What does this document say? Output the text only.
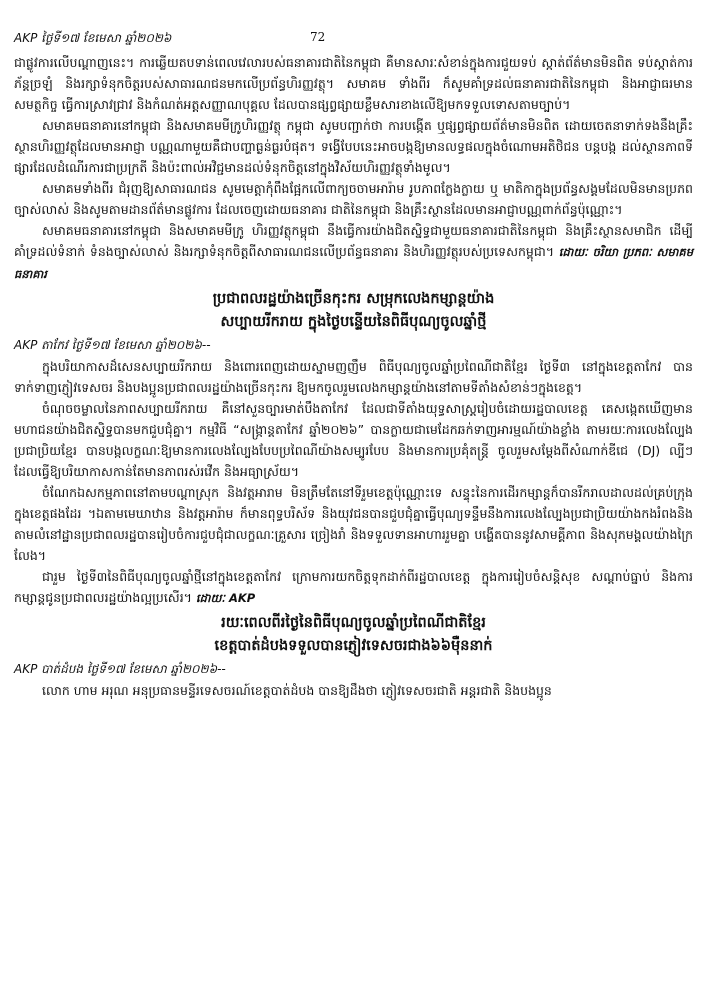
AKP ថ្ងៃទី១៧ ខែមេសា ឆ្នាំ២០២៦	72

ជាផ្លូវការលើបណ្ដាញនេះ។ ការឆ្លើយតបទាន់ពេលវេលារបស់ធនាគារជាតិនៃកម្ពុជា គឺមានសារៈសំខាន់ក្នុងការជួយទប់ ស្កាត់ព័ត៌មានមិនពិត ទប់ស្កាត់ការភ័ន្ដច្រឡំ និងរក្សាទំនុកចិត្តរបស់សាធារណជនមកលើប្រព័ន្ធហិរញ្ញវត្ថុ។ សមាគម ទាំងពីរ ក៏សូមគាំទ្រដល់ធនាគារជាតិនៃកម្ពុជា និងអាជ្ញាធរមានសមត្ថកិច្ច ធ្វើការស្រាវជ្រាវ និងកំណត់អត្តសញ្ញាណបុគ្គល ដែលបានផ្សព្វផ្សាយខ្លឹមសារខាងលើឱ្យមកទទួលទោសតាមច្បាប់។

សមាគមធនាគារនៅកម្ពុជា និងសមាគមមីក្រូហិរញ្ញវត្ថុ កម្ពុជា សូមបញ្ជាក់ថា ការបង្កើត ឬផ្សព្វផ្សាយព័ត៌មានមិនពិត ដោយចេតនាទាក់ទងនឹងគ្រឹះស្ថានហិរញ្ញវត្ថុដែលមានអាជ្ញា បណ្ណណាមួយគឺជាបញ្ហាធ្ងន់ធ្ងរបំផុត។ ទង្វើបែបនេះអាចបង្កឱ្យមានលទ្ធផលក្នុងចំណោមអតិថិជន បន្តបង្ក ដល់ស្ថានភាពទីផ្សារដែលដំណើរការជាប្រក្រតី និងប៉ះពាល់អវិជ្ជមានដល់ទំនុកចិត្តនៅក្នុងវិស័យហិរញ្ញវត្ថុទាំងមូល។

សមាគមទាំងពីរ ជំរុញឱ្យសាធារណជន សូមមេត្តាកុំពឹងផ្អែកលើពាក្យចចាមអារ៉ាម រូបភាពក្លែងក្លាយ ឬ មាតិកាក្នុងប្រព័ន្ធសង្គមដែលមិនមានប្រភពច្បាស់លាស់ និងសូមតាមដានព័ត៌មានផ្លូវការ ដែលចេញដោយធនាគារ ជាតិនៃកម្ពុជា និងគ្រឹះស្ថានដែលមានអាជ្ញាបណ្ណពាក់ព័ន្ធប៉ុណ្ណោះ។

សមាគមធនាគារនៅកម្ពុជា និងសមាគមមីក្រូ ហិរញ្ញវត្ថុកម្ពុជា នឹងធ្វើការយ៉ាងជិតស្និទ្ធជាមួយធនាគារជាតិនៃកម្ពុជា និងគ្រឹះស្ថានសមាជិក ដើម្បីគាំទ្រដល់ទំនាក់ ទំនងច្បាស់លាស់ និងរក្សាទំនុកចិត្តពីសាធារណជនលើប្រព័ន្ធធនាគារ និងហិរញ្ញវត្ថុរបស់ប្រទេសកម្ពុជា។ ដោយៈ ចរិយា ប្រភពៈ សមាគមធនាគារ

ប្រជាពលរដ្ឋយ៉ាងច្រើនកុះករ សម្រុកលេងកម្សាន្ដយ៉ាង
សប្បាយរីករាយ ក្នុងថ្ងៃបន្ទើយនៃពិធីបុណ្យចូលឆ្នាំថ្មី

AKP តាកែវ ថ្ងៃទី១៧ ខែមេសា ឆ្នាំ២០២៦--

ក្នុងបរិយាកាសដ៏សេនសប្បាយរីករាយ និងពោរពេញដោយស្នាមញញឹម ពិធីបុណ្យចូលឆ្នាំប្រពៃណីជាតិខ្មែរ ថ្ងៃទី៣ នៅក្នុងខេត្តតាកែវ បានទាក់ទាញភ្ញៀវទេសចរ និងបងប្អូនប្រជាពលរដ្ឋយ៉ាងច្រើនកុះករ ឱ្យមកចូលរួមលេងកម្សាន្ដយ៉ាងនៅតាមទីតាំងសំខាន់ៗក្នុងខេត្ត។

ចំណុចចម្លាលនៃភាពសប្បាយរីករាយ គឺនៅសួនច្បារមាត់បឹងតាកែវ ដែលជាទីតាំងយុទ្ធសាស្ត្ររៀបចំដោយរដ្ឋបាលខេត្ត គេសង្កេតឃើញមានមហាជនយ៉ាងជិតស្និទ្ធបានមកជួបជុំគ្នា។ កម្មវិធី “សង្ក្រាន្តតាកែវ ឆ្នាំ២០២៦” បានក្លាយជាមេដែកឆក់ទាញអារម្មណ៍យ៉ាងខ្លាំង តាមរយៈការលេងល្បែងប្រជាប្រិយខ្មែរ បានបង្កលក្ខណៈឱ្យមានការលេងល្បែងបែបប្រពៃណីយ៉ាងសម្បូរបែប និងមានការប្រគុំតន្ត្រី ចូលរួមសម្ដែងពីសំណាក់ឌីជេ (DJ) ល្បីៗ ដែលធ្វើឱ្យបរិយាកាសកាន់តែមានភាពរស់រវើក និងអធ្យាស្រ័យ។

ចំណែកឯសកម្មភាពនៅតាមបណ្ដាស្រុក និងវត្តអារាម មិនត្រឹមតែនៅទីរួមខេត្តប៉ុណ្ណោះទេ សន្ទុះនៃការដើរកម្សាន្ដក៏បានរីករាលដាលដល់គ្រប់ក្រុងក្នុងខេត្តផងដែរ ។ឯតាមមេឃាឋាន និងវត្តអារ៉ាម ក៏មានពុទ្ធបរិស័ទ និងយុវជនបានជួបជុំគ្នាធ្វើបុណ្យទន្ទឹមនឹងការលេងល្បែងប្រជាប្រិយយ៉ាងកងរំពងនិងតាមលំនៅដ្ឋានប្រជាពលរដ្ឋបានរៀបចំការជួបជុំជាលក្ខណៈគ្រួសារ ច្រៀងរាំ និងទទួលទានអាហាររួមគ្នា បង្ហើតបាននូវសាមគ្គីភាព និងសុភមង្គលយ៉ាងក្រៃលែង។

ជារួម ថ្ងៃទី៣នៃពិធីបុណ្យចូលឆ្នាំថ្មីនៅក្នុងខេត្តតាកែវ ក្រោមការយកចិត្តទុកដាក់ពីរដ្ឋបាលខេត្ត ក្នុងការរៀបចំសន្ដិសុខ សណ្ដាប់ធ្នាប់ និងការកម្សាន្ដជូនប្រជាពលរដ្ឋយ៉ាងល្អប្រសើរ។ ដោយៈ AKP

រយៈពេលពីរថ្ងៃនៃពិធីបុណ្យចូលឆ្នាំប្រពៃណីជាតិខ្មែរ
ខេត្តបាត់ដំបងទទួលបានភ្ញៀវទេសចរជាង៦៦ម៉ឺននាក់

AKP បាត់ដំបង ថ្ងៃទី១៧ ខែមេសា ឆ្នាំ២០២៦--

លោក ហាម អរុណ អនុប្រធានមន្ទីរទេសចរណ៍ខេត្តបាត់ដំបង បានឱ្យដឹងថា ភ្ញៀវទេសចរជាតិ អន្តរជាតិ និងបងប្អូន
